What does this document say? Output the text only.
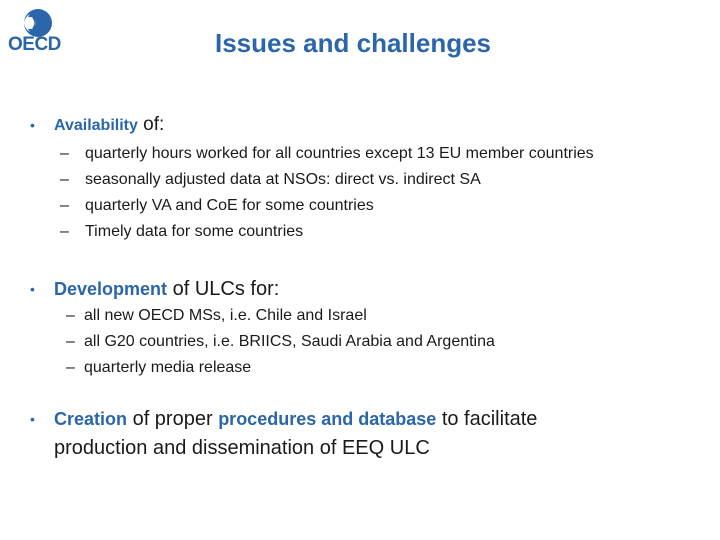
OECD	Issues and challenges
• Availability of:
– quarterly hours worked for all countries except 13 EU member countries
– seasonally adjusted data at NSOs: direct vs. indirect SA
– quarterly VA and CoE for some countries
– Timely data for some countries
• Development of ULCs for:
– all new OECD MSs, i.e. Chile and Israel
– all G20 countries, i.e. BRIICS, Saudi Arabia and Argentina
– quarterly media release
• Creation of proper procedures and database to facilitate
production and dissemination of EEQ ULC
